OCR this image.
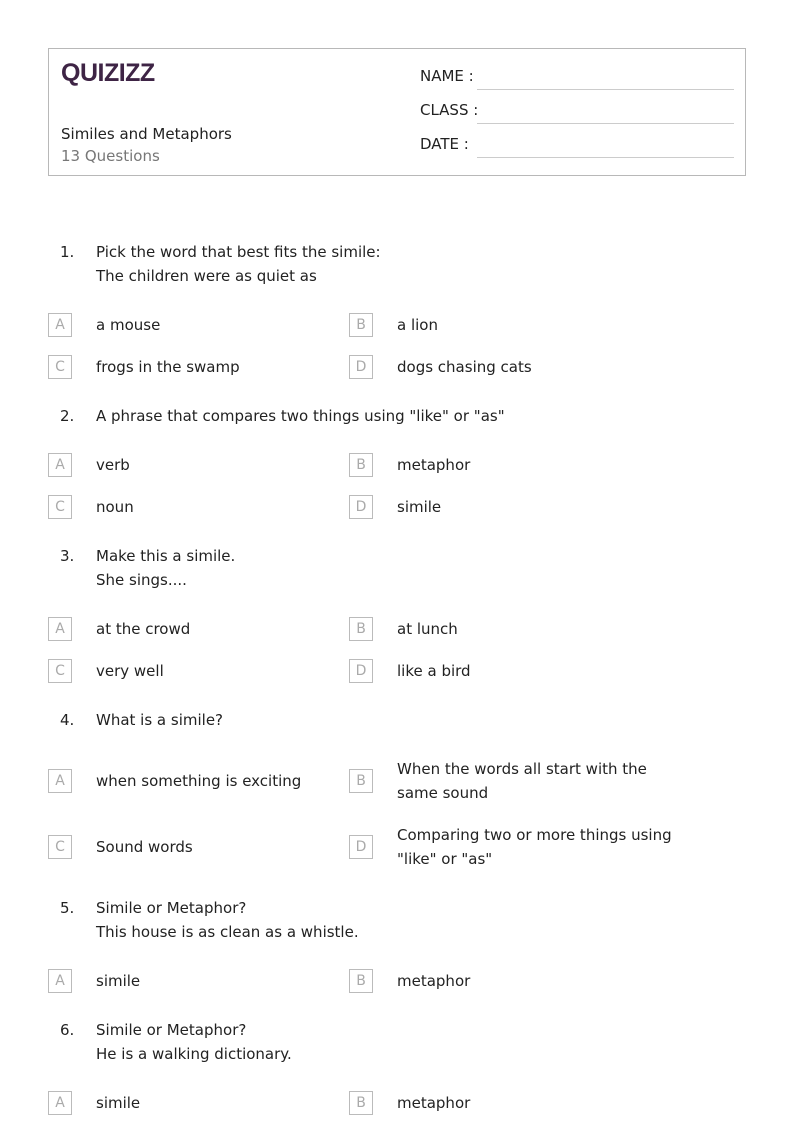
QUIZIZZ
Similes and Metaphors
13 Questions
NAME :
CLASS :
DATE :
1. Pick the word that best fits the simile:
The children were as quiet as
A	a mouse	B	a lion
C	frogs in the swamp	D	dogs chasing cats
2. A phrase that compares two things using "like" or "as"
A	verb	B	metaphor
C	noun	D	simile
3. Make this a simile.
She sings....
A	at the crowd	B	at lunch
C	very well	D	like a bird
4. What is a simile?
A	when something is exciting	B
When the words all start with the same sound
C	Sound words	D
Comparing two or more things using "like" or "as"
5. Simile or Metaphor?
This house is as clean as a whistle.
A	simile	B	metaphor
6. Simile or Metaphor?
He is a walking dictionary.
A	simile	B	metaphor
